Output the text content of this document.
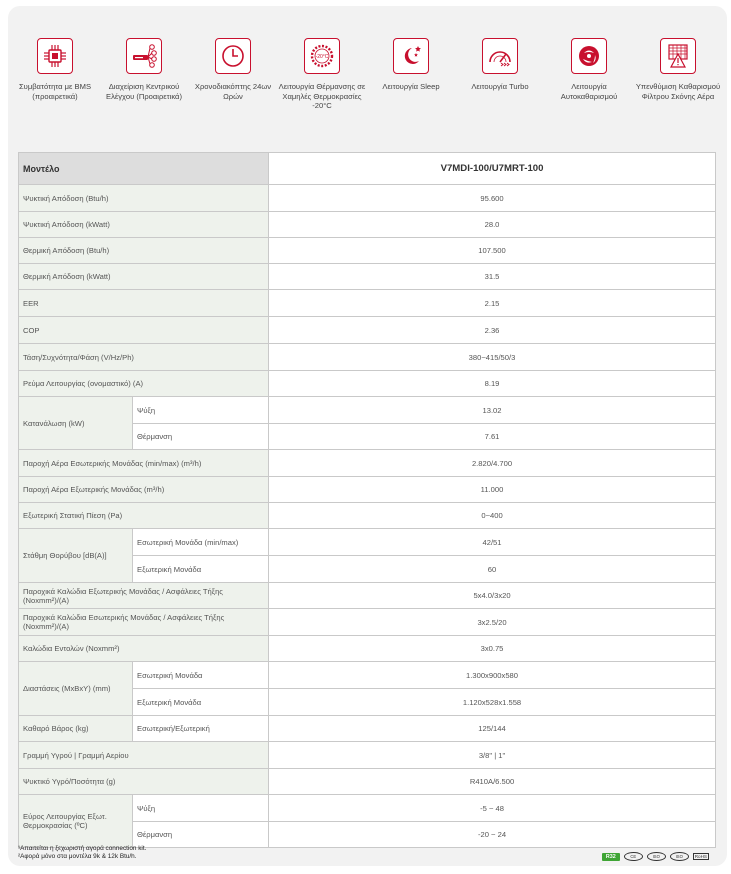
Συμβατότητα με BMS (προαιρετικά)
Διαχείριση Κεντρικού Ελέγχου (Προαιρετικά)
Χρονοδιακόπτης 24ων Ωρών
-20°C
Λειτουργία Θέρμανσης σε Χαμηλές Θερμοκρασίες -20°C
Λειτουργία Sleep	Λειτουργία Turbo	Λειτουργία Αυτοκαθαρισμού
Υπενθύμιση Καθαρισμού Φίλτρου Σκόνης Αέρα
Μοντέλο		V7MDI-100/U7MRT-100
Ψυκτική Απόδοση (Btu/h)		95.600
Ψυκτική Απόδοση (kWatt)		28.0
Θερμική Απόδοση (Btu/h)		107.500
Θερμική Απόδοση (kWatt)		31.5
EER		2.15
COP		2.36
Τάση/Συχνότητα/Φάση (V/Hz/Ph)		380~415/50/3
Ρεύμα Λειτουργίας (ονομαστικό) (A)		8.19
Κατανάλωση (kW)	Ψύξη	13.02
	Θέρμανση	7.61
Παροχή Αέρα Εσωτερικής Μονάδας (min/max) (m³/h)		2.820/4.700
Παροχή Αέρα Εξωτερικής Μονάδας (m³/h)		11.000
Εξωτερική Στατική Πίεση (Pa)		0~400
Στάθμη Θορύβου [dB(A)]	Εσωτερική Μονάδα (min/max)	42/51
	Εξωτερική Μονάδα	60
Παροχικά Καλώδια Εξωτερικής Μονάδας / Ασφάλειες Τήξης (Noxmm²)/(A)		5x4.0/3x20
Παροχικά Καλώδια Εσωτερικής Μονάδας / Ασφάλειες Τήξης (Noxmm²)/(A)		3x2.5/20
Καλώδια Εντολών (Noxmm²)		3x0.75
Διαστάσεις (ΜxΒxΥ) (mm)	Εσωτερική Μονάδα	1.300x900x580
	Εξωτερική Μονάδα	1.120x528x1.558
Καθαρό Βάρος (kg)	Εσωτερική/Εξωτερική	125/144
Γραμμή Υγρού | Γραμμή Αερίου		3/8" | 1"
Ψυκτικό Υγρό/Ποσότητα (g)		R410A/6.500
Εύρος Λειτουργίας Εξωτ. Θερμοκρασίας (ºC)	Ψύξη	-5 ~ 48
	Θέρμανση	-20 ~ 24
¹Απαιτείται η ξεχωριστή αγορά connection kit.
²Αφορά μόνο στα μοντέλα 9k & 12k Btu/h.	R32	CE	ISO	ISO	RoHS
